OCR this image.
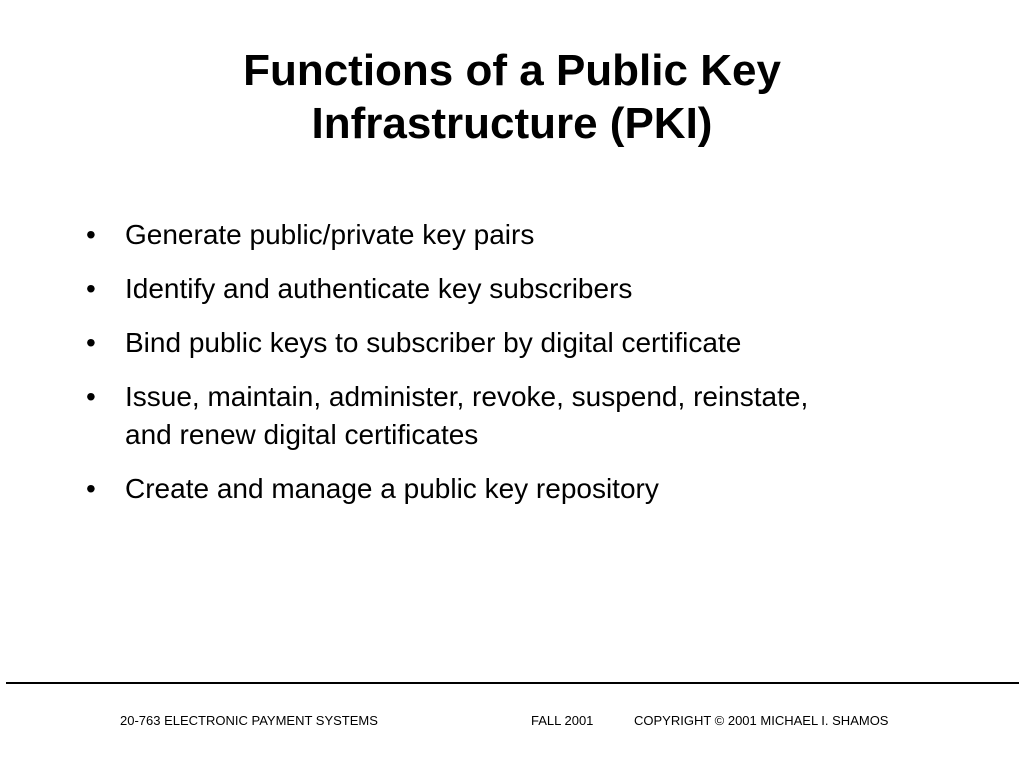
Functions of a Public Key
Infrastructure (PKI)
• Generate public/private key pairs
• Identify and authenticate key subscribers
• Bind public keys to subscriber by digital certificate
• Issue, maintain, administer, revoke, suspend, reinstate, and renew digital certificates
• Create and manage a public key repository
20-763 ELECTRONIC PAYMENT SYSTEMS	FALL 2001	COPYRIGHT © 2001 MICHAEL I. SHAMOS
